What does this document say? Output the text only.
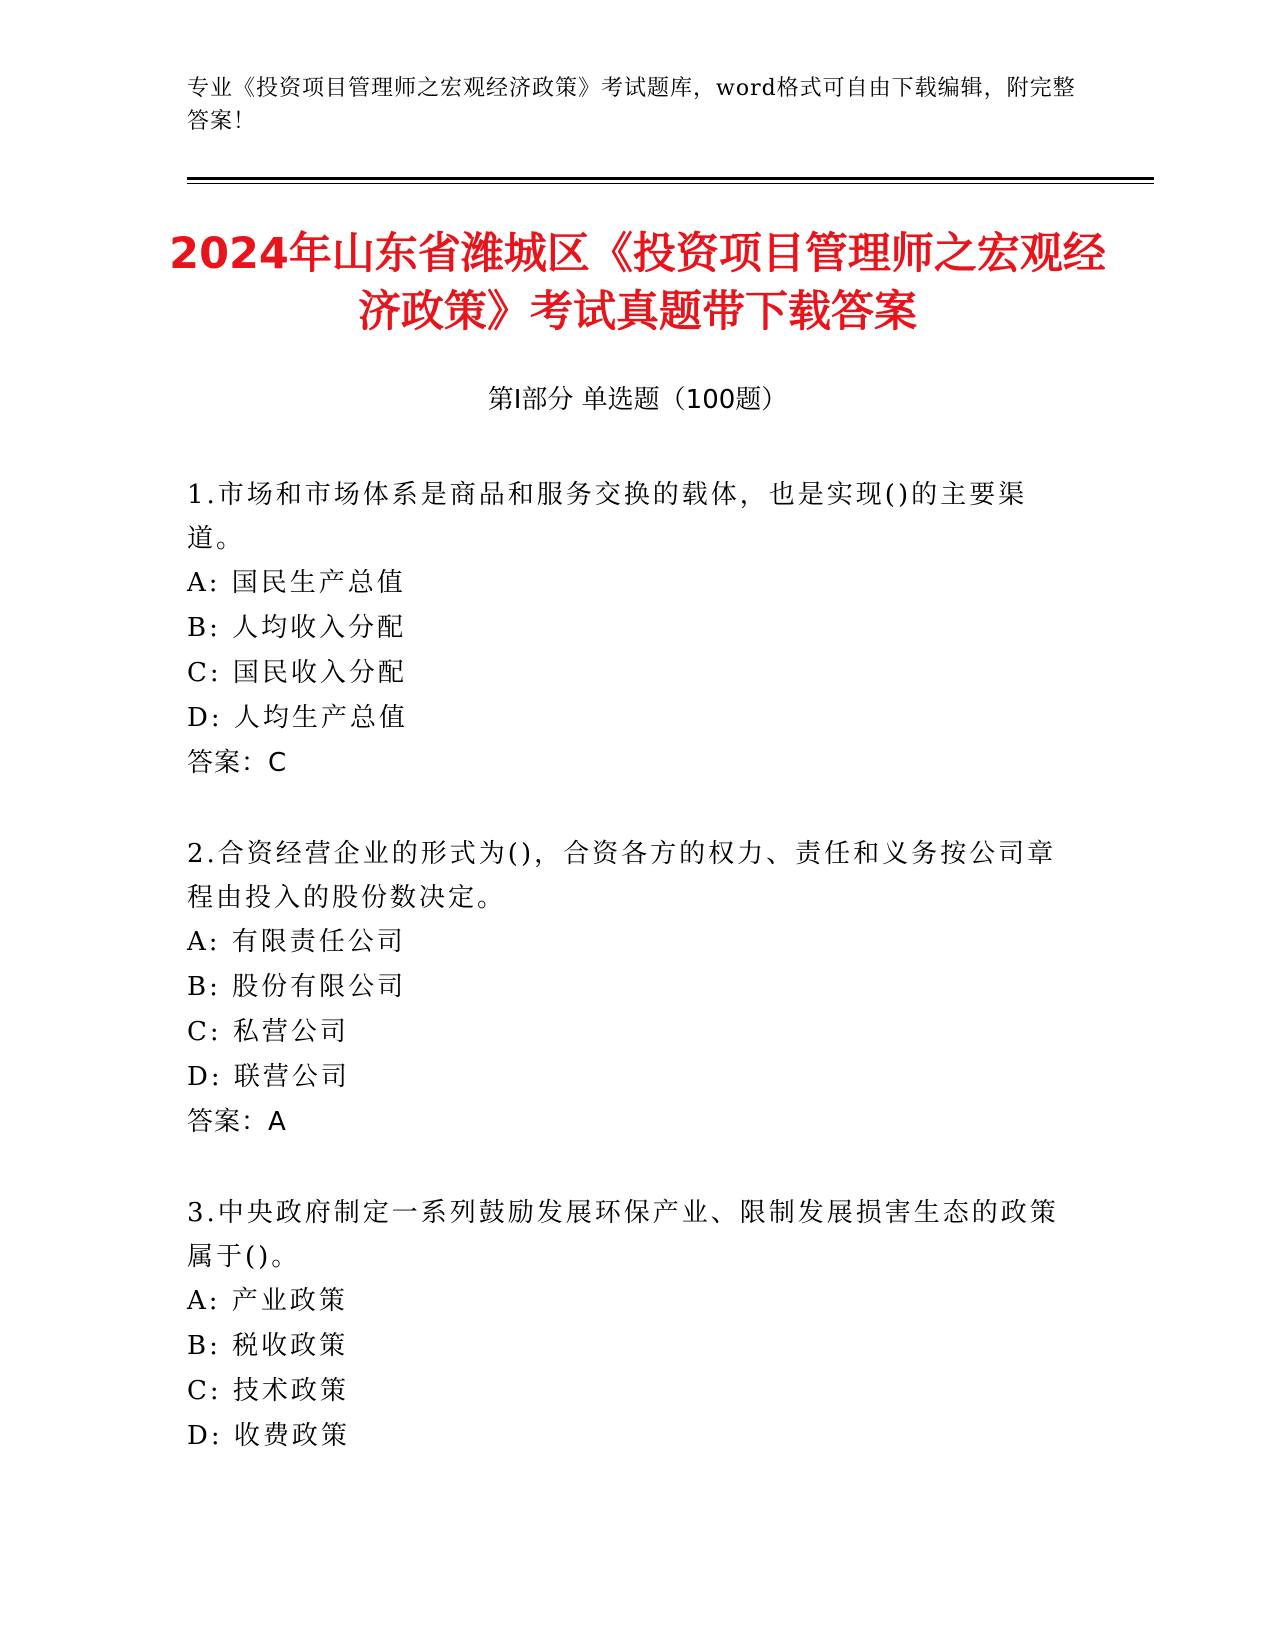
专业《投资项目管理师之宏观经济政策》考试题库，word格式可自由下载编辑，附完整答案！
2024年山东省潍城区《投资项目管理师之宏观经济政策》考试真题带下载答案
第Ⅰ部分 单选题（100题）
1.市场和市场体系是商品和服务交换的载体，也是实现()的主要渠道。
A: 国民生产总值
B: 人均收入分配
C: 国民收入分配
D: 人均生产总值
答案：C
2.合资经营企业的形式为()，合资各方的权力、责任和义务按公司章程由投入的股份数决定。
A: 有限责任公司
B: 股份有限公司
C: 私营公司
D: 联营公司
答案：A
3.中央政府制定一系列鼓励发展环保产业、限制发展损害生态的政策属于()。
A: 产业政策
B: 税收政策
C: 技术政策
D: 收费政策
